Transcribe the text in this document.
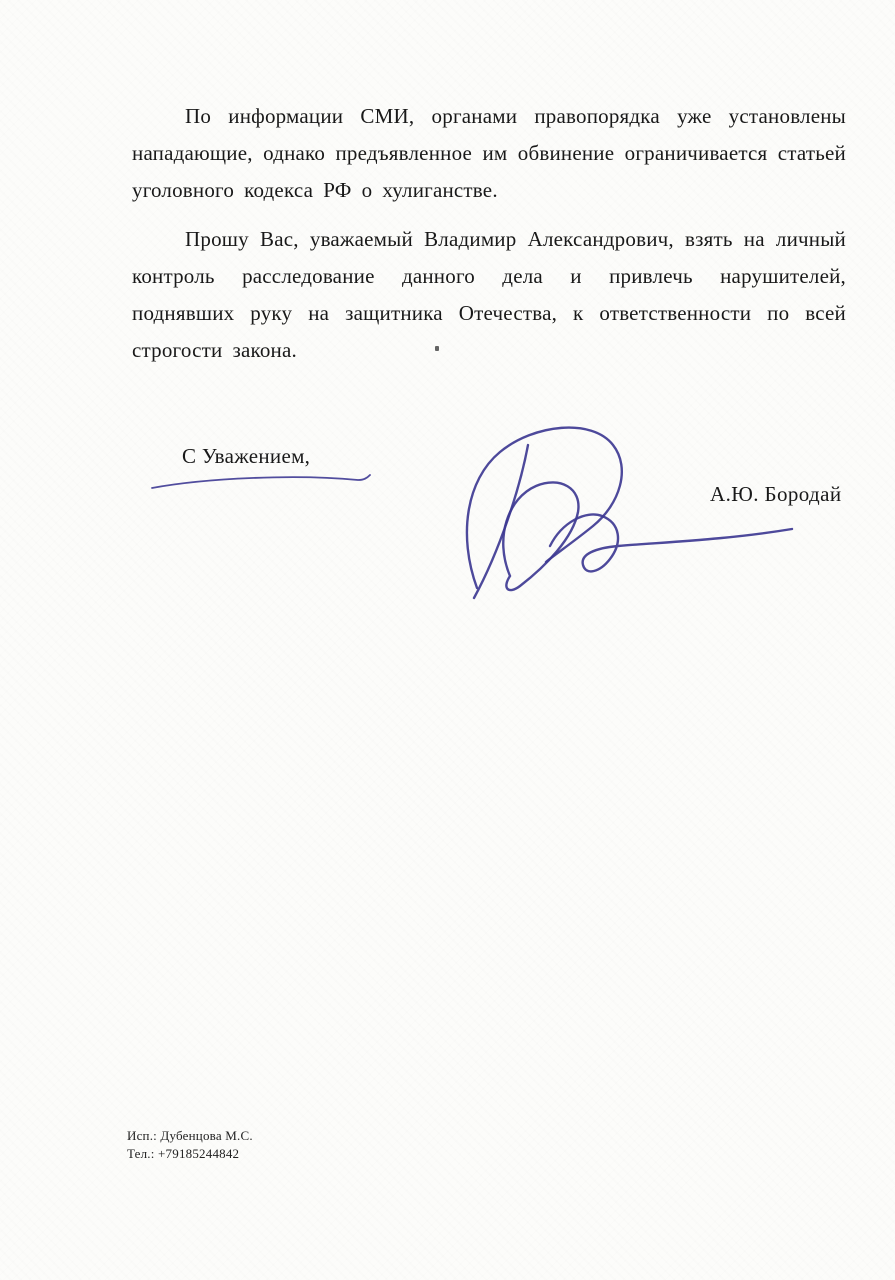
По информации СМИ, органами правопорядка уже установлены нападающие, однако предъявленное им обвинение ограничивается статьей уголовного кодекса РФ о хулиганстве.

Прошу Вас, уважаемый Владимир Александрович, взять на личный контроль расследование данного дела и привлечь нарушителей, поднявших руку на защитника Отечества, к ответственности по всей строгости закона.

С Уважением,
А.Ю. Бородай
Исп.: Дубенцова М.С.
Тел.: +79185244842
